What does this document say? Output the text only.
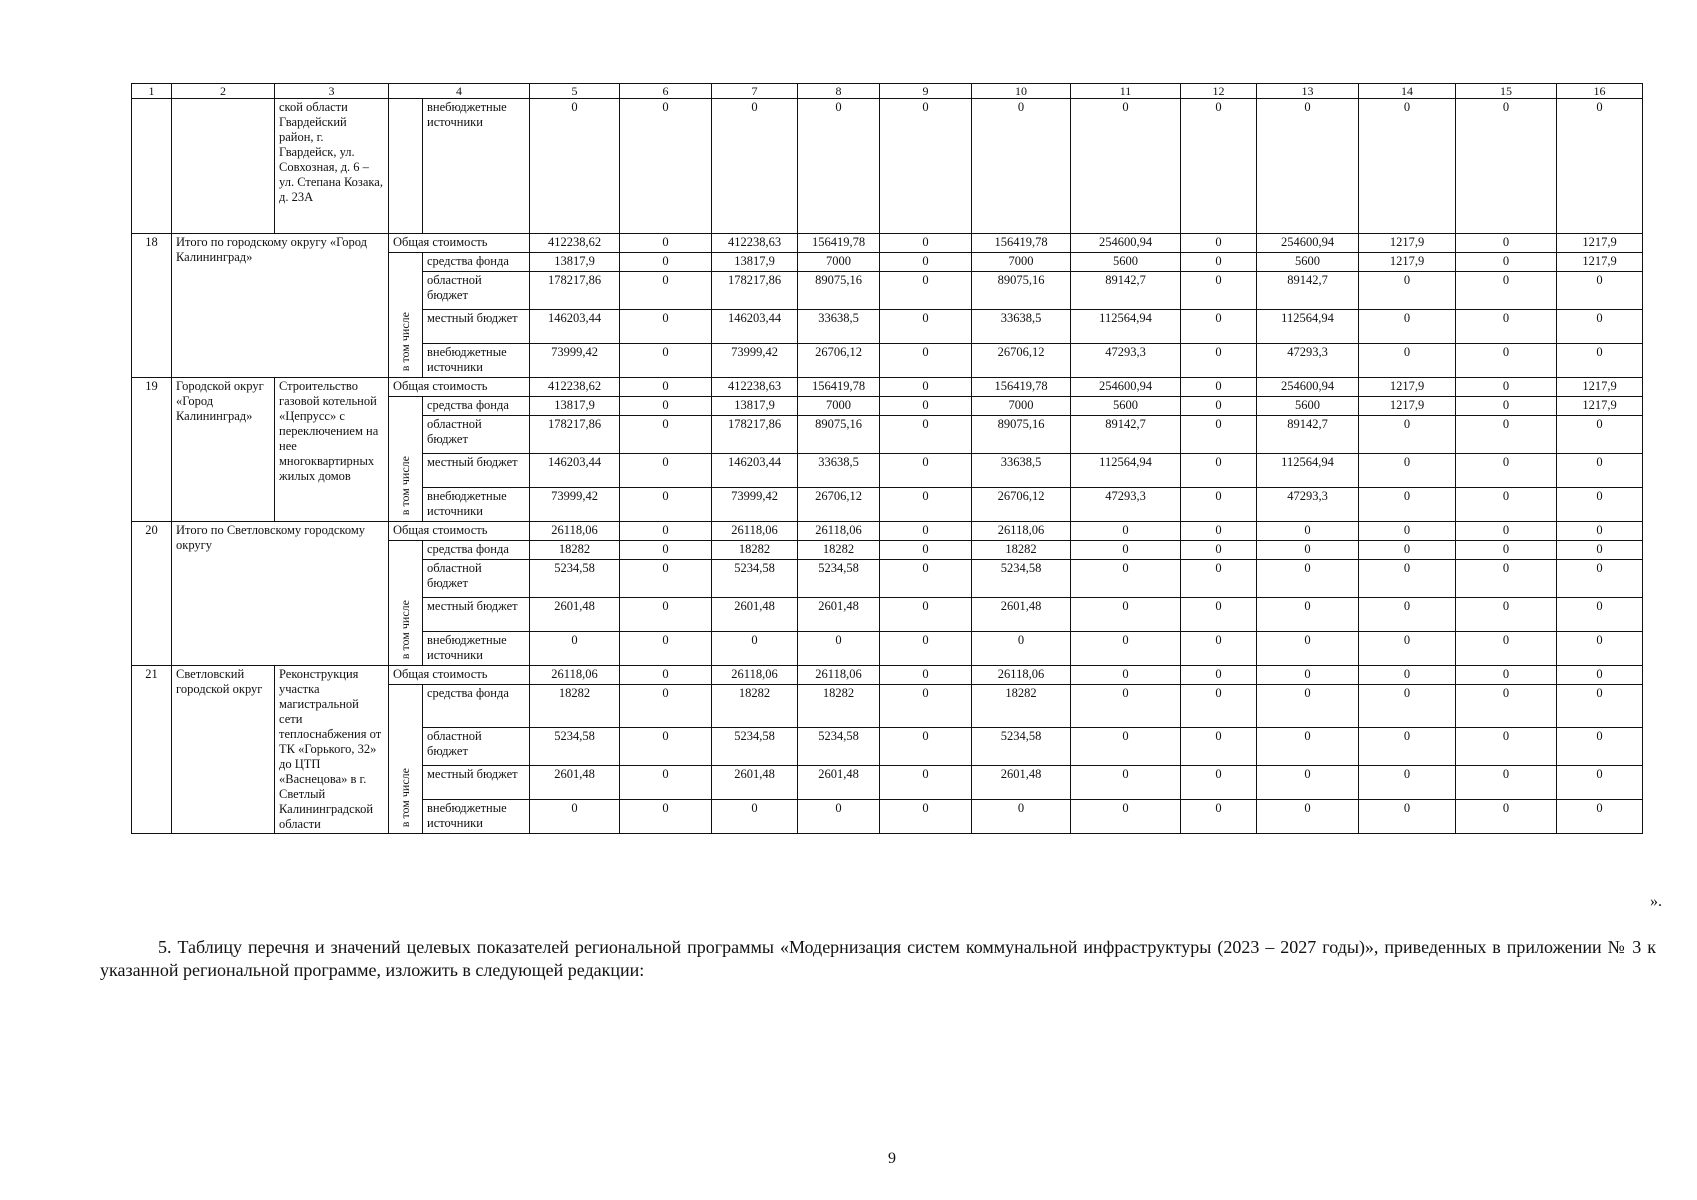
1	2	3	4		5	6	7	8	9	10	11	12	13	14	15	16
		ской области Гвардейский район, г. Гвардейск, ул. Совхозная, д. 6 – ул. Степана Козака, д. 23А		внебюджетные источники	0	0	0	0	0	0	0	0	0	0	0	0
18	Итого по городскому округу «Город Калининград»		Общая стоимость		412238,62	0	412238,63	156419,78	0	156419,78	254600,94	0	254600,94	1217,9	0	1217,9
			в том числе	средства фонда	13817,9	0	13817,9	7000	0	7000	5600	0	5600	1217,9	0	1217,9
				областной бюджет	178217,86	0	178217,86	89075,16	0	89075,16	89142,7	0	89142,7	0	0	0
				местный бюджет	146203,44	0	146203,44	33638,5	0	33638,5	112564,94	0	112564,94	0	0	0
				внебюджетные источники	73999,42	0	73999,42	26706,12	0	26706,12	47293,3	0	47293,3	0	0	0
19	Городской округ «Город Калининград»	Строительство газовой котельной «Цепрусс» с переключением на нее многоквартирных жилых домов	Общая стоимость		412238,62	0	412238,63	156419,78	0	156419,78	254600,94	0	254600,94	1217,9	0	1217,9
			в том числе	средства фонда	13817,9	0	13817,9	7000	0	7000	5600	0	5600	1217,9	0	1217,9
				областной бюджет	178217,86	0	178217,86	89075,16	0	89075,16	89142,7	0	89142,7	0	0	0
				местный бюджет	146203,44	0	146203,44	33638,5	0	33638,5	112564,94	0	112564,94	0	0	0
				внебюджетные источники	73999,42	0	73999,42	26706,12	0	26706,12	47293,3	0	47293,3	0	0	0
20	Итого по Светловскому городскому округу		Общая стоимость		26118,06	0	26118,06	26118,06	0	26118,06	0	0	0	0	0	0
			в том числе	средства фонда	18282	0	18282	18282	0	18282	0	0	0	0	0	0
				областной бюджет	5234,58	0	5234,58	5234,58	0	5234,58	0	0	0	0	0	0
				местный бюджет	2601,48	0	2601,48	2601,48	0	2601,48	0	0	0	0	0	0
				внебюджетные источники	0	0	0	0	0	0	0	0	0	0	0	0
21	Светловский городской округ	Реконструкция участка магистральной сети теплоснабжения от ТК «Горького, 32» до ЦТП «Васнецова» в г. Светлый Калининградской области	Общая стоимость		26118,06	0	26118,06	26118,06	0	26118,06	0	0	0	0	0	0
			в том числе	средства фонда	18282	0	18282	18282	0	18282	0	0	0	0	0	0
				областной бюджет	5234,58	0	5234,58	5234,58	0	5234,58	0	0	0	0	0	0
				местный бюджет	2601,48	0	2601,48	2601,48	0	2601,48	0	0	0	0	0	0
				внебюджетные источники	0	0	0	0	0	0	0	0	0	0	0	0
».
5. Таблицу перечня и значений целевых показателей региональной программы «Модернизация систем коммунальной инфраструктуры (2023 – 2027 годы)», приведенных в приложении № 3 к указанной региональной программе, изложить в следующей редакции:
9
